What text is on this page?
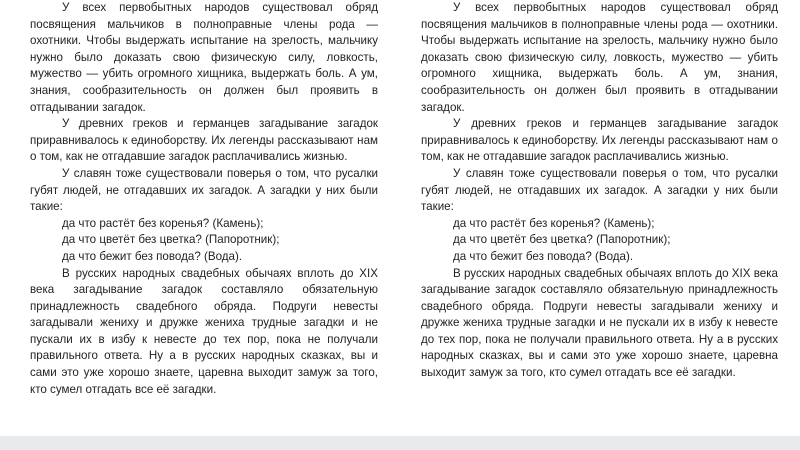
У всех первобытных народов существовал обряд посвящения мальчиков в полноправные члены рода — охотники. Чтобы выдержать испытание на зрелость, мальчику нужно было доказать свою физическую силу, ловкость, мужество — убить огромного хищника, выдержать боль. А ум, знания, сообразительность он должен был проявить в отгадывании загадок.

У древних греков и германцев загадывание загадок приравнивалось к единоборству. Их легенды рассказывают нам о том, как не отгадавшие загадок расплачивались жизнью.

У славян тоже существовали поверья о том, что русалки губят людей, не отгадавших их загадок. А загадки у них были такие:

да что растёт без коренья? (Камень);

да что цветёт без цветка? (Папоротник);

да что бежит без повода? (Вода).

В русских народных свадебных обычаях вплоть до XIX века загадывание загадок составляло обязательную принадлежность свадебного обряда. Подруги невесты загадывали жениху и дружке жениха трудные загадки и не пускали их в избу к невесте до тех пор, пока не получали правильного ответа. Ну а в русских народных сказках, вы и сами это уже хорошо знаете, царевна выходит замуж за того, кто сумел отгадать все её загадки.

У всех первобытных народов существовал обряд посвящения мальчиков в полноправные члены рода — охотники. Чтобы выдержать испытание на зрелость, мальчику нужно было доказать свою физическую силу, ловкость, мужество — убить огромного хищника, выдержать боль. А ум, знания, сообразительность он должен был проявить в отгадывании загадок.

У древних греков и германцев загадывание загадок приравнивалось к единоборству. Их легенды рассказывают нам о том, как не отгадавшие загадок расплачивались жизнью.

У славян тоже существовали поверья о том, что русалки губят людей, не отгадавших их загадок. А загадки у них были такие:

да что растёт без коренья? (Камень);

да что цветёт без цветка? (Папоротник);

да что бежит без повода? (Вода).

В русских народных свадебных обычаях вплоть до XIX века загадывание загадок составляло обязательную принадлежность свадебного обряда. Подруги невесты загадывали жениху и дружке жениха трудные загадки и не пускали их в избу к невесте до тех пор, пока не получали правильного ответа. Ну а в русских народных сказках, вы и сами это уже хорошо знаете, царевна выходит замуж за того, кто сумел отгадать все её загадки.
